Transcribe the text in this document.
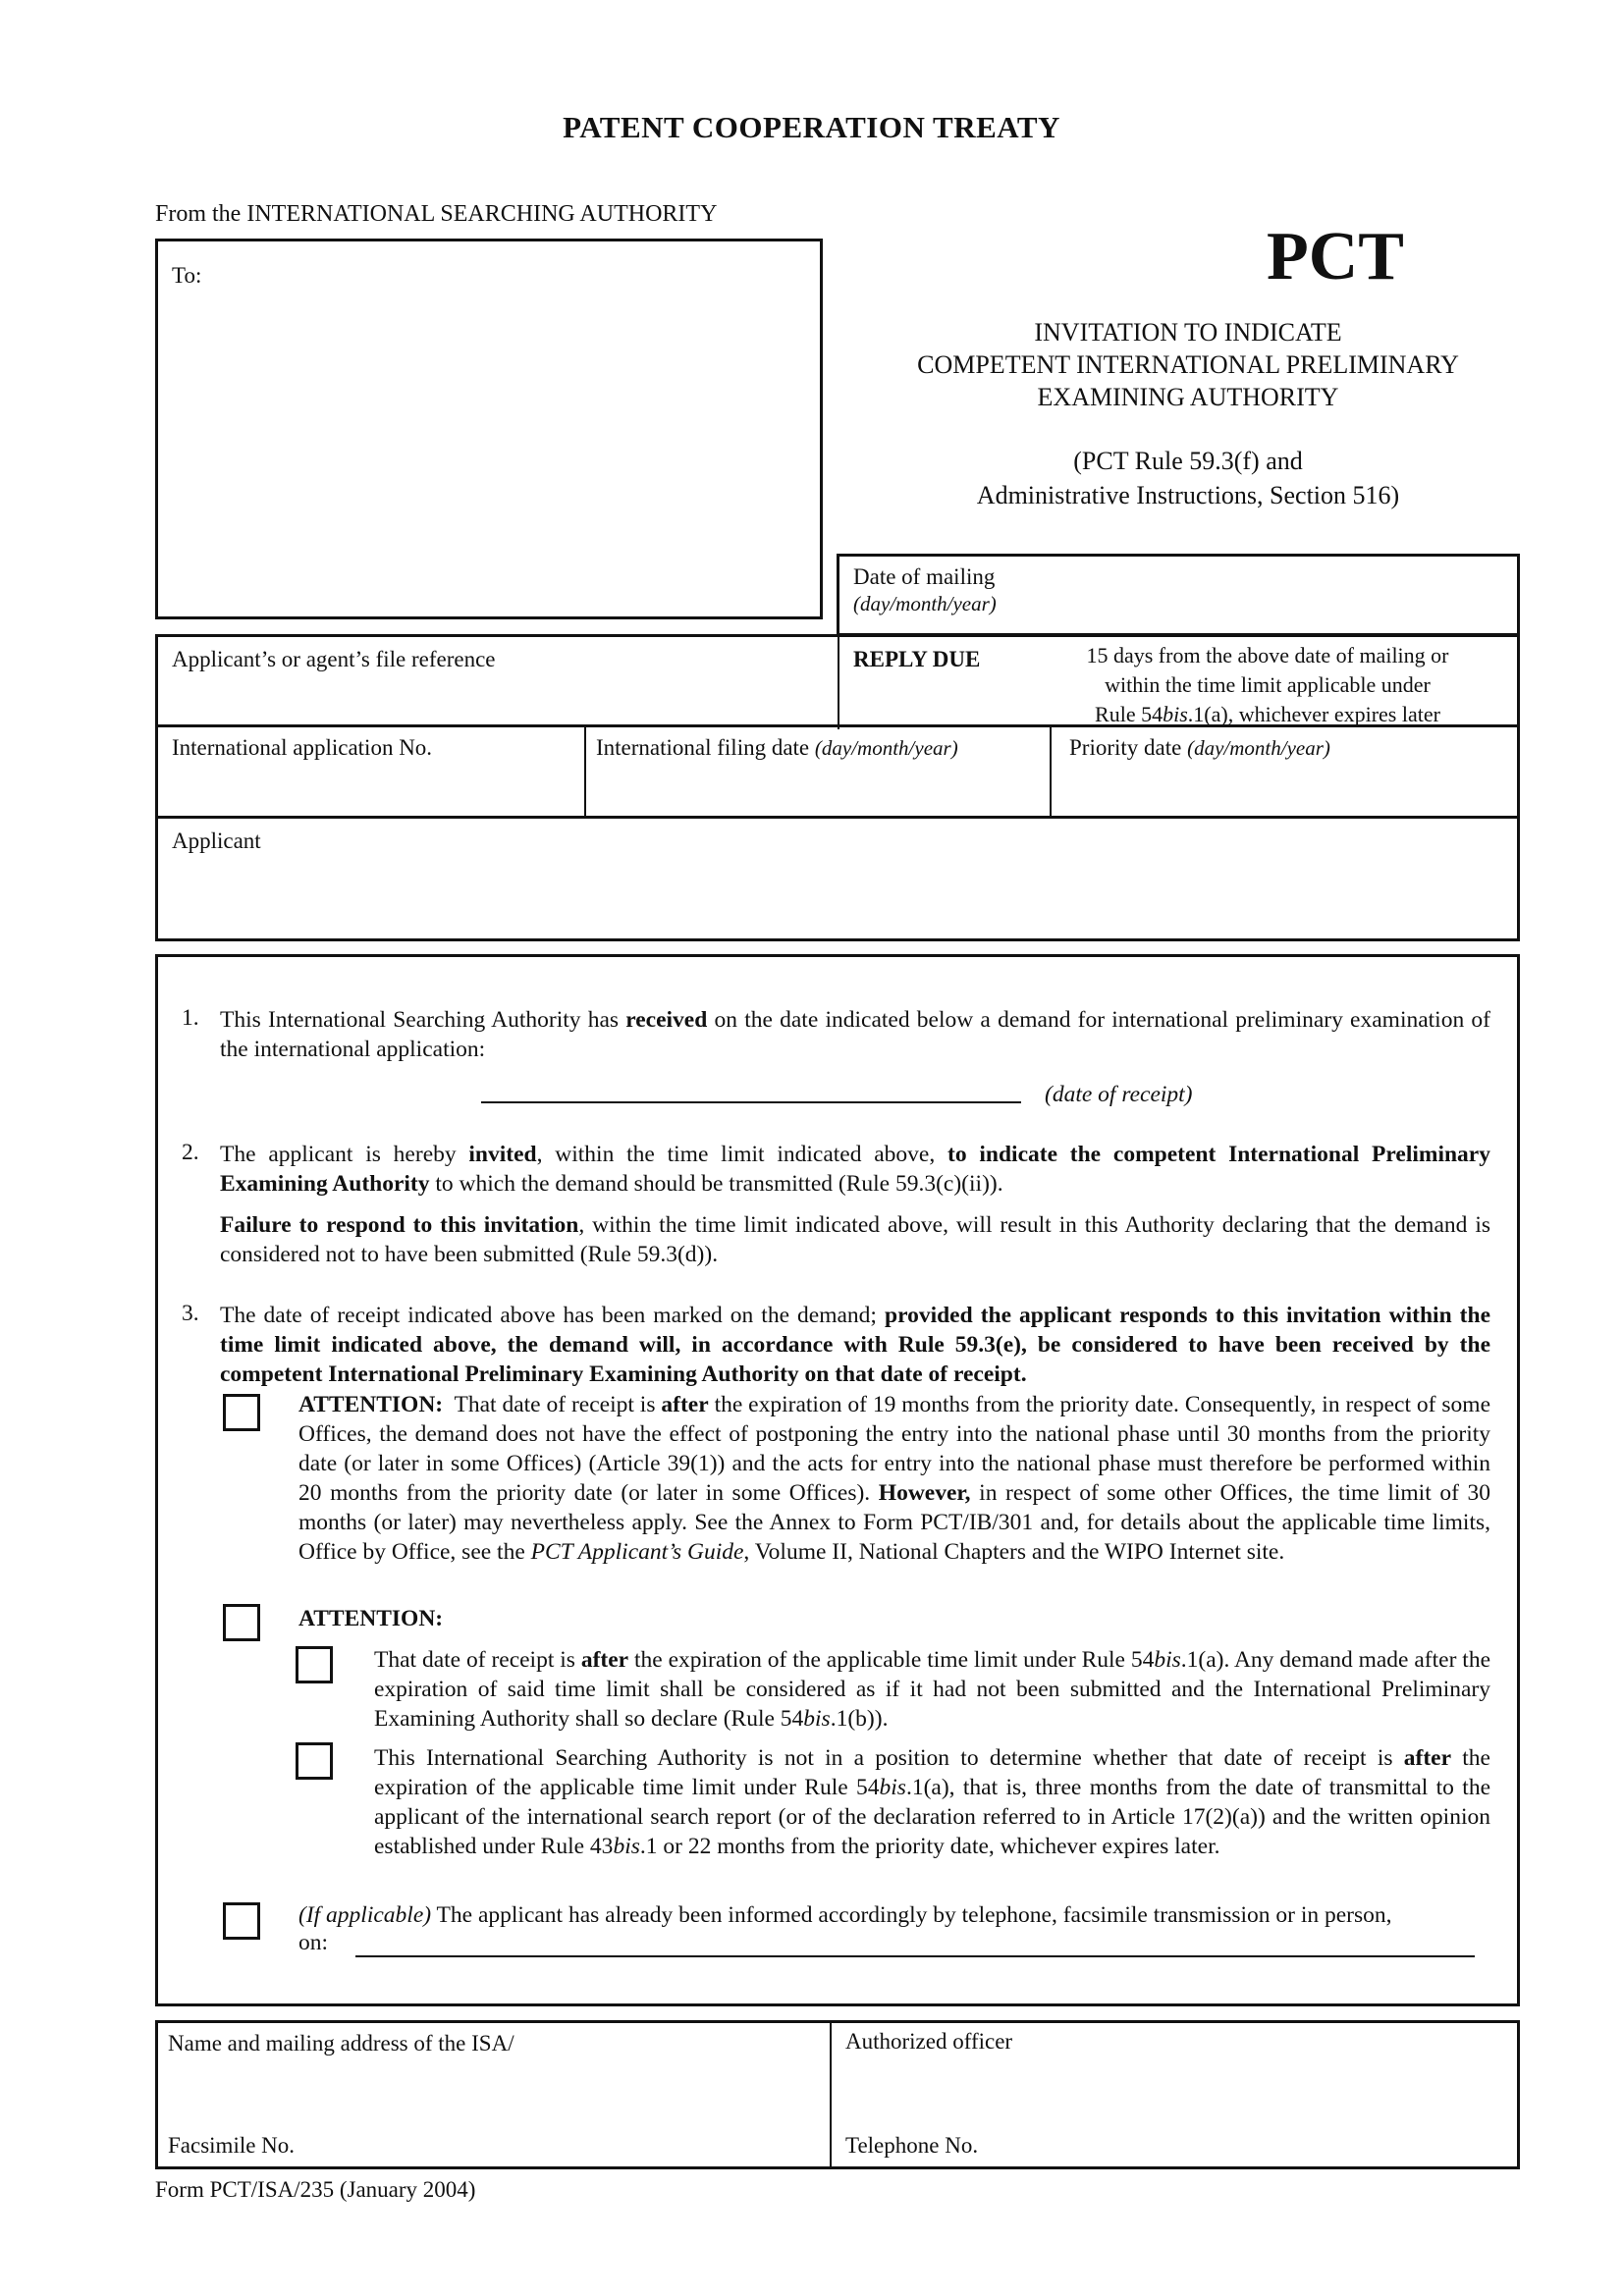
PATENT COOPERATION TREATY
From the INTERNATIONAL SEARCHING AUTHORITY
To:	PCT
INVITATION TO INDICATE
COMPETENT INTERNATIONAL PRELIMINARY
EXAMINING AUTHORITY
(PCT Rule 59.3(f) and
Administrative Instructions, Section 516)
Date of mailing
(day/month/year)
Applicant’s or agent’s file reference	REPLY DUE	15 days from the above date of mailing or
within the time limit applicable under
Rule 54bis.1(a), whichever expires later
International application No.	International filing date (day/month/year)	Priority date (day/month/year)
Applicant
1. This International Searching Authority has received on the date indicated below a demand for international preliminary examination of the international application:
(date of receipt)
2. The applicant is hereby invited, within the time limit indicated above, to indicate the competent International Preliminary Examining Authority to which the demand should be transmitted (Rule 59.3(c)(ii)).
Failure to respond to this invitation, within the time limit indicated above, will result in this Authority declaring that the demand is considered not to have been submitted (Rule 59.3(d)).
3. The date of receipt indicated above has been marked on the demand; provided the applicant responds to this invitation within the time limit indicated above, the demand will, in accordance with Rule 59.3(e), be considered to have been received by the competent International Preliminary Examining Authority on that date of receipt.
ATTENTION: That date of receipt is after the expiration of 19 months from the priority date. Consequently, in respect of some Offices, the demand does not have the effect of postponing the entry into the national phase until 30 months from the priority date (or later in some Offices) (Article 39(1)) and the acts for entry into the national phase must therefore be performed within 20 months from the priority date (or later in some Offices). However, in respect of some other Offices, the time limit of 30 months (or later) may nevertheless apply. See the Annex to Form PCT/IB/301 and, for details about the applicable time limits, Office by Office, see the PCT Applicant’s Guide, Volume II, National Chapters and the WIPO Internet site.
ATTENTION:
That date of receipt is after the expiration of the applicable time limit under Rule 54bis.1(a). Any demand made after the expiration of said time limit shall be considered as if it had not been submitted and the International Preliminary Examining Authority shall so declare (Rule 54bis.1(b)).
This International Searching Authority is not in a position to determine whether that date of receipt is after the expiration of the applicable time limit under Rule 54bis.1(a), that is, three months from the date of transmittal to the applicant of the international search report (or of the declaration referred to in Article 17(2)(a)) and the written opinion established under Rule 43bis.1 or 22 months from the priority date, whichever expires later.
(If applicable) The applicant has already been informed accordingly by telephone, facsimile transmission or in person,
on:
Name and mailing address of the ISA/
Facsimile No.
Authorized officer
Telephone No.
Form PCT/ISA/235 (January 2004)
